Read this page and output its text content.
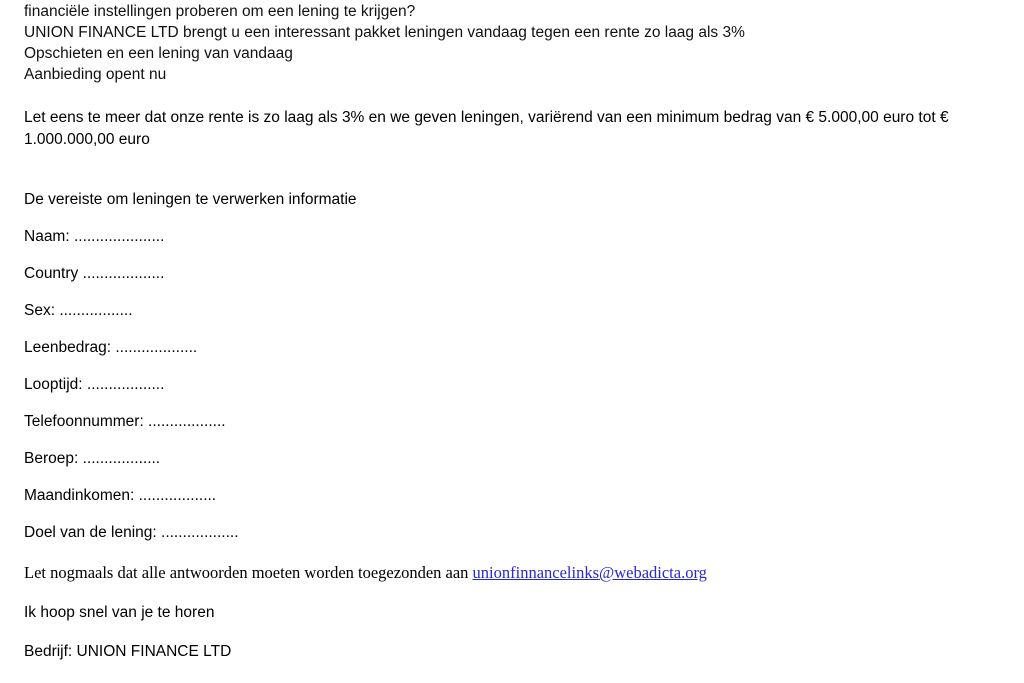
financiële instellingen proberen om een lening te krijgen?
UNION FINANCE LTD brengt u een interessant pakket leningen vandaag tegen een rente zo laag als 3%
Opschieten en een lening van vandaag
Aanbieding opent nu
Let eens te meer dat onze rente is zo laag als 3% en we geven leningen, variërend van een minimum bedrag van € 5.000,00 euro tot € 1.000.000,00 euro
De vereiste om leningen te verwerken informatie
Naam: .....................
Country ...................
Sex: .................
Leenbedrag: ...................
Looptijd: ..................
Telefoonnummer: ..................
Beroep: ..................
Maandinkomen: ..................
Doel van de lening: ..................
Let nogmaals dat alle antwoorden moeten worden toegezonden aan unionfinnancelinks@webadicta.org
Ik hoop snel van je te horen
Bedrijf: UNION FINANCE LTD
